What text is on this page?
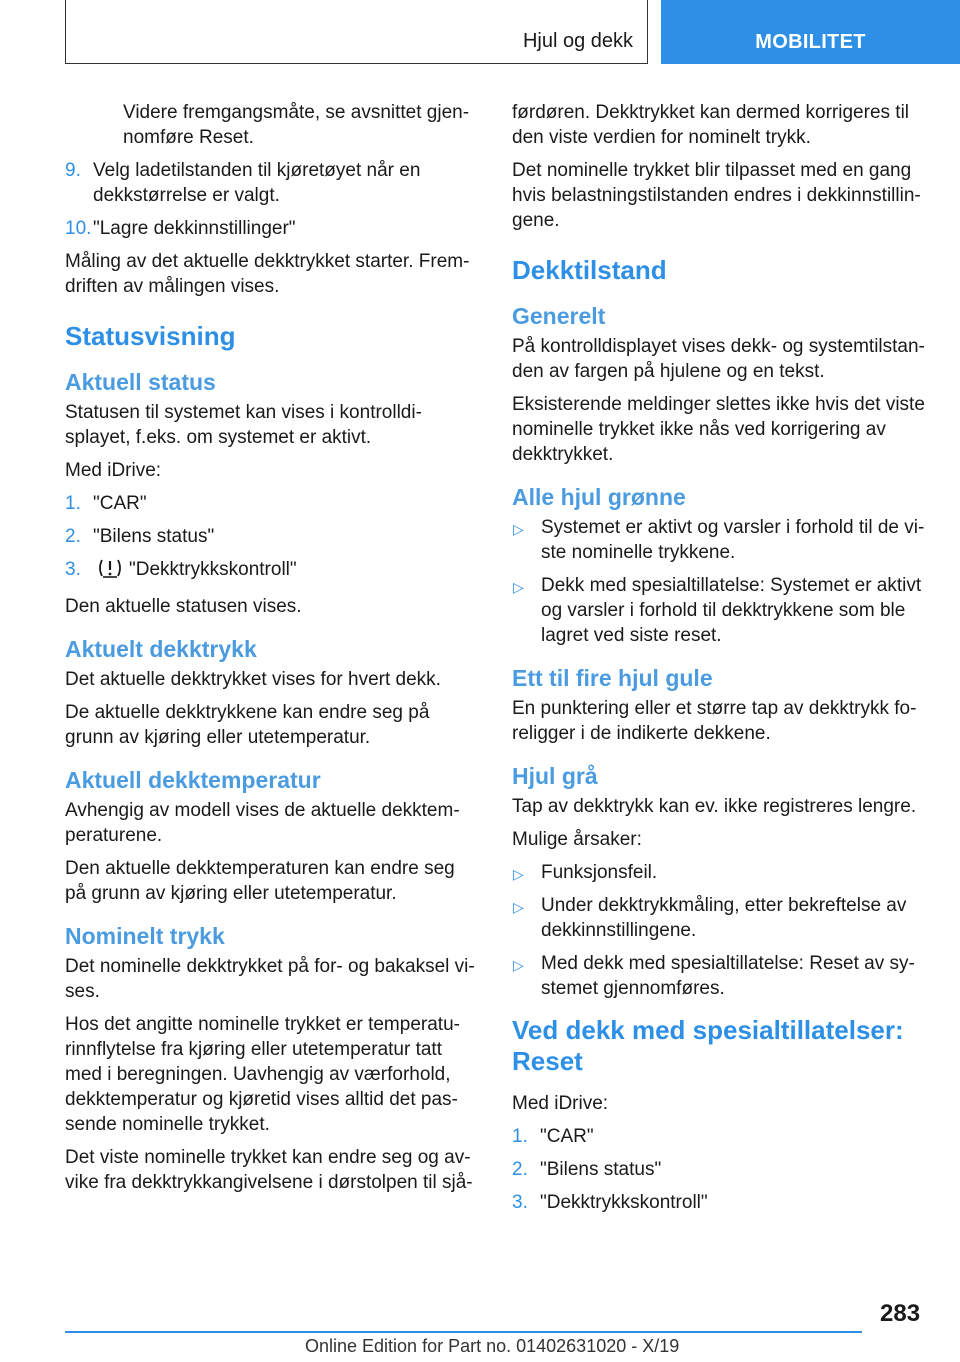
Hjul og dekk	MOBILITET

Videre fremgangsmåte, se avsnittet gjen-nomføre Reset.

9. Velg ladetilstanden til kjøretøyet når en dekkstørrelse er valgt.
10. "Lagre dekkinnstillinger"

Måling av det aktuelle dekktrykket starter. Frem-driften av målingen vises.

Statusvisning
Aktuell status

Statusen til systemet kan vises i kontrolldi-splayet, f.eks. om systemet er aktivt.

Med iDrive:

1. "CAR"
2. "Bilens status"
3.	"Dekktrykkskontroll"

Den aktuelle statusen vises.

Aktuelt dekktrykk

Det aktuelle dekktrykket vises for hvert dekk.

De aktuelle dekktrykkene kan endre seg på grunn av kjøring eller utetemperatur.

Aktuell dekktemperatur

Avhengig av modell vises de aktuelle dekktem-peraturene.

Den aktuelle dekktemperaturen kan endre seg på grunn av kjøring eller utetemperatur.

Nominelt trykk

Det nominelle dekktrykket på for- og bakaksel vi-ses.

Hos det angitte nominelle trykket er temperatu-rinnflytelse fra kjøring eller utetemperatur tatt med i beregningen. Uavhengig av værforhold, dekktemperatur og kjøretid vises alltid det pas-sende nominelle trykket.

Det viste nominelle trykket kan endre seg og av-vike fra dekktrykkangivelsene i dørstolpen til sjå-

førdøren. Dekktrykket kan dermed korrigeres til den viste verdien for nominelt trykk.

Det nominelle trykket blir tilpasset med en gang hvis belastningstilstanden endres i dekkinnstillin-gene.

Dekktilstand
Generelt

På kontrolldisplayet vises dekk- og systemtilstan-den av fargen på hjulene og en tekst.

Eksisterende meldinger slettes ikke hvis det viste nominelle trykket ikke nås ved korrigering av dekktrykket.

Alle hjul grønne
▷ Systemet er aktivt og varsler i forhold til de vi-ste nominelle trykkene.
▷ Dekk med spesialtillatelse: Systemet er aktivt og varsler i forhold til dekktrykkene som ble lagret ved siste reset.
Ett til fire hjul gule

En punktering eller et større tap av dekktrykk fo-religger i de indikerte dekkene.

Hjul grå

Tap av dekktrykk kan ev. ikke registreres lengre.

Mulige årsaker:

▷ Funksjonsfeil.
▷ Under dekktrykkmåling, etter bekreftelse av dekkinnstillingene.
▷ Med dekk med spesialtillatelse: Reset av sy-stemet gjennomføres.
Ved dekk med spesialtillatelser: Reset

Med iDrive:

1. "CAR"
2. "Bilens status"
3. "Dekktrykkskontroll"
283
Online Edition for Part no. 01402631020 - X/19
